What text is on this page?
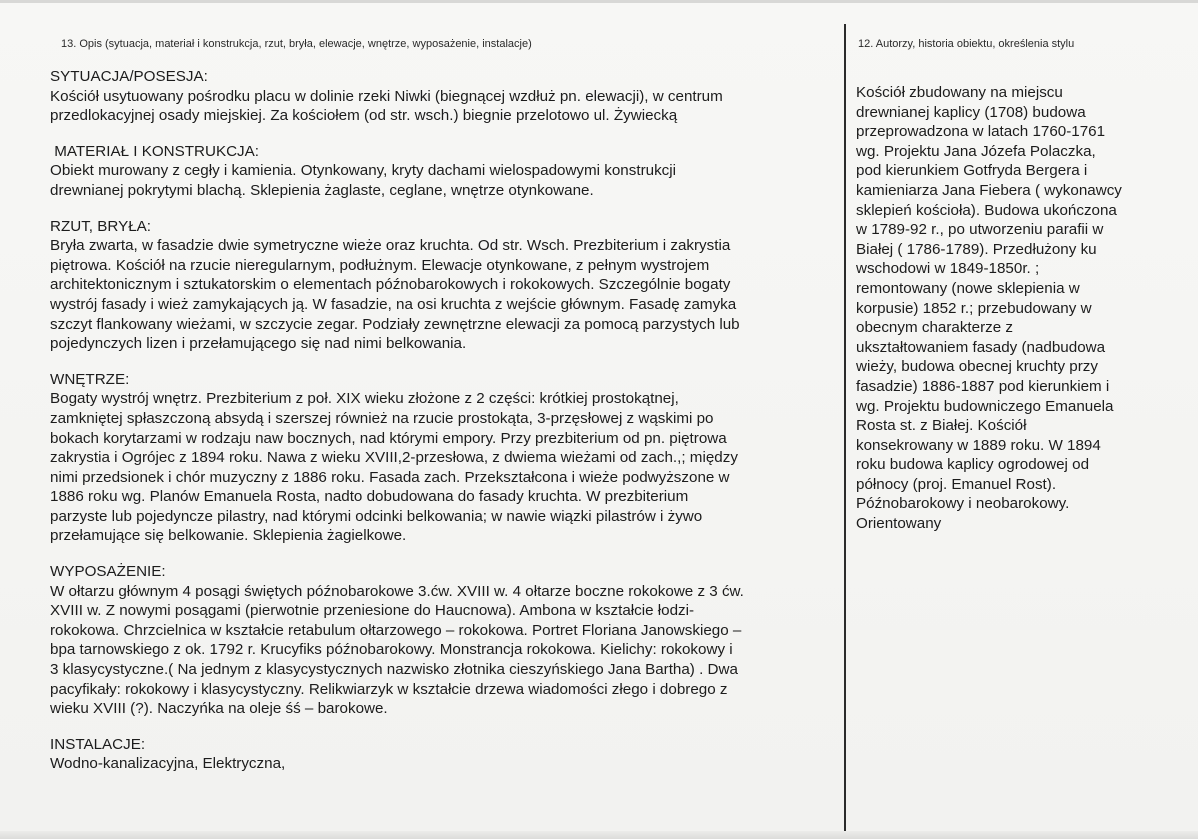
13. Opis (sytuacja, materiał i konstrukcja, rzut, bryła, elewacje, wnętrze, wyposażenie, instalacje)	12. Autorzy, historia obiektu, określenia stylu
SYTUACJA/POSESJA:

Kościół usytuowany pośrodku placu w dolinie rzeki Niwki (biegnącej wzdłuż pn. elewacji), w centrum
przedlokacyjnej osady miejskiej. Za kościołem (od str. wsch.) biegnie przelotowo ul. Żywiecką

MATERIAŁ I KONSTRUKCJA:

Obiekt murowany z cegły i kamienia. Otynkowany, kryty dachami wielospadowymi konstrukcji
drewnianej pokrytymi blachą. Sklepienia żaglaste, ceglane, wnętrze otynkowane.

RZUT, BRYŁA:

Bryła zwarta, w fasadzie dwie symetryczne wieże oraz kruchta. Od str. Wsch. Prezbiterium i zakrystia
piętrowa. Kościół na rzucie nieregularnym, podłużnym. Elewacje otynkowane, z pełnym wystrojem
architektonicznym i sztukatorskim o elementach późnobarokowych i rokokowych. Szczególnie bogaty
wystrój fasady i wież zamykających ją. W fasadzie, na osi kruchta z wejście głównym. Fasadę zamyka
szczyt flankowany wieżami, w szczycie zegar. Podziały zewnętrzne elewacji za pomocą parzystych lub
pojedynczych lizen i przełamującego się nad nimi belkowania.

WNĘTRZE:

Bogaty wystrój wnętrz. Prezbiterium z poł. XIX wieku złożone z 2 części: krótkiej prostokątnej,
zamkniętej spłaszczoną absydą i szerszej również na rzucie prostokąta, 3-przęsłowej z wąskimi po
bokach korytarzami w rodzaju naw bocznych, nad którymi empory. Przy prezbiterium od pn. piętrowa
zakrystia i Ogrójec z 1894 roku. Nawa z wieku XVIII,2-przesłowa, z dwiema wieżami od zach.,; między
nimi przedsionek i chór muzyczny z 1886 roku. Fasada zach. Przekształcona i wieże podwyższone w
1886 roku wg. Planów Emanuela Rosta, nadto dobudowana do fasady kruchta. W prezbiterium
parzyste lub pojedyncze pilastry, nad którymi odcinki belkowania; w nawie wiązki pilastrów i żywo
przełamujące się belkowanie. Sklepienia żagielkowe.

WYPOSAŻENIE:

W ołtarzu głównym 4 posągi świętych późnobarokowe 3.ćw. XVIII w. 4 ołtarze boczne rokokowe z 3 ćw.
XVIII w. Z nowymi posągami (pierwotnie przeniesione do Haucnowa). Ambona w kształcie łodzi-
rokokowa. Chrzcielnica w kształcie retabulum ołtarzowego – rokokowa. Portret Floriana Janowskiego –
bpa tarnowskiego z ok. 1792 r. Krucyfiks późnobarokowy. Monstrancja rokokowa. Kielichy: rokokowy i
3 klasycystyczne.( Na jednym z klasycystycznych nazwisko złotnika cieszyńskiego Jana Bartha) . Dwa
pacyfikały: rokokowy i klasycystyczny. Relikwiarzyk w kształcie drzewa wiadomości złego i dobrego z
wieku XVIII (?). Naczyńka na oleje śś – barokowe.

INSTALACJE:

Wodno-kanalizacyjna, Elektryczna,

Kościół zbudowany na miejscu
drewnianej kaplicy (1708) budowa
przeprowadzona w latach 1760-1761
wg. Projektu Jana Józefa Polaczka,
pod kierunkiem Gotfryda Bergera i
kamieniarza Jana Fiebera ( wykonawcy
sklepień kościoła). Budowa ukończona
w 1789-92 r., po utworzeniu parafii w
Białej ( 1786-1789). Przedłużony ku
wschodowi w 1849-1850r. ;
remontowany (nowe sklepienia w
korpusie) 1852 r.; przebudowany w
obecnym charakterze z
ukształtowaniem fasady (nadbudowa
wieży, budowa obecnej kruchty przy
fasadzie) 1886-1887 pod kierunkiem i
wg. Projektu budowniczego Emanuela
Rosta st. z Białej. Kościół
konsekrowany w 1889 roku. W 1894
roku budowa kaplicy ogrodowej od
północy (proj. Emanuel Rost).
Późnobarokowy i neobarokowy.
Orientowany
